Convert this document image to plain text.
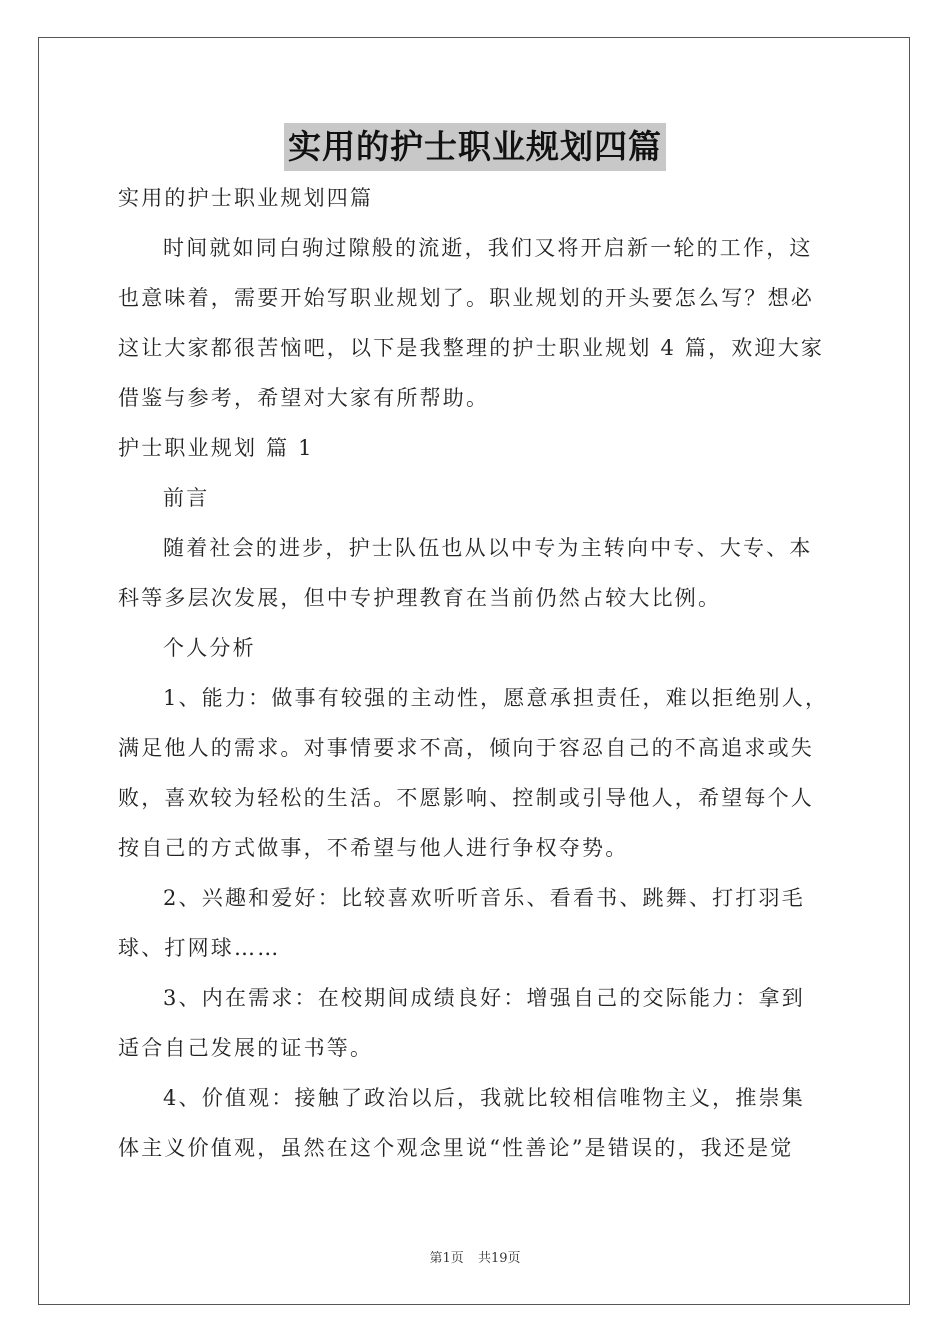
实用的护士职业规划四篇
实用的护士职业规划四篇
时间就如同白驹过隙般的流逝，我们又将开启新一轮的工作，这
也意味着，需要开始写职业规划了。职业规划的开头要怎么写？想必
这让大家都很苦恼吧，以下是我整理的护士职业规划 4 篇，欢迎大家
借鉴与参考，希望对大家有所帮助。
护士职业规划 篇 1
前言
随着社会的进步，护士队伍也从以中专为主转向中专、大专、本
科等多层次发展，但中专护理教育在当前仍然占较大比例。
个人分析
1、能力：做事有较强的主动性，愿意承担责任，难以拒绝别人，
满足他人的需求。对事情要求不高，倾向于容忍自己的不高追求或失
败，喜欢较为轻松的生活。不愿影响、控制或引导他人，希望每个人
按自己的方式做事，不希望与他人进行争权夺势。
2、兴趣和爱好：比较喜欢听听音乐、看看书、跳舞、打打羽毛
球、打网球……
3、内在需求：在校期间成绩良好：增强自己的交际能力：拿到
适合自己发展的证书等。
4、价值观：接触了政治以后，我就比较相信唯物主义，推崇集
体主义价值观，虽然在这个观念里说“性善论”是错误的，我还是觉
第1页 共19页
